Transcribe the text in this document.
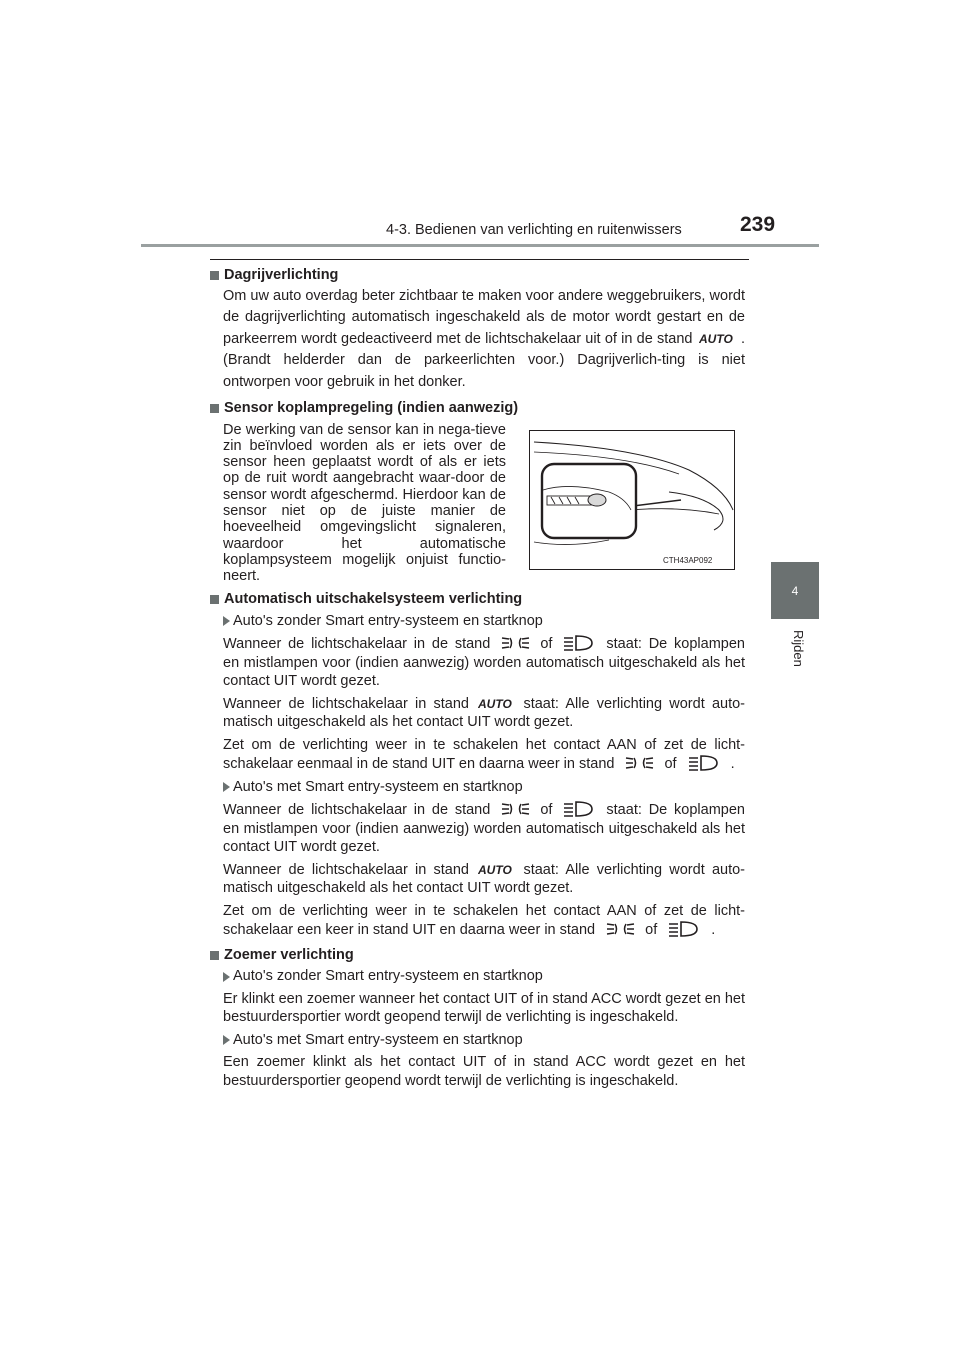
4-3. Bedienen van verlichting en ruitenwissers	239
4
Rijden
Dagrijverlichting
Om uw auto overdag beter zichtbaar te maken voor andere weggebruikers, wordt de dagrijverlichting automatisch ingeschakeld als de motor wordt gestart en de parkeerrem wordt gedeactiveerd met de lichtschakelaar uit of in de stand	. (Brandt helderder dan de parkeerlichten voor.) Dagrijverlich-ting is niet ontworpen voor gebruik in het donker.
Sensor koplampregeling (indien aanwezig)
De werking van de sensor kan in nega-tieve zin beïnvloed worden als er iets over de sensor heen geplaatst wordt of als er iets op de ruit wordt aangebracht waar-door de sensor wordt afgeschermd. Hierdoor kan de sensor niet op de juiste manier de hoeveelheid omgevingslicht signaleren, waardoor het automatische koplampsysteem mogelijk onjuist functio-neert.
CTH43AP092
Automatisch uitschakelsysteem verlichting
Auto's zonder Smart entry-systeem en startknop
Wanneer de lichtschakelaar in de stand	of	staat: De koplampen en mistlampen voor (indien aanwezig) worden automatisch uitgeschakeld als het contact UIT wordt gezet.
Wanneer de lichtschakelaar in stand	staat: Alle verlichting wordt auto-matisch uitgeschakeld als het contact UIT wordt gezet.
Zet om de verlichting weer in te schakelen het contact AAN of zet de licht-schakelaar eenmaal in de stand UIT en daarna weer in stand	of	.
Auto's met Smart entry-systeem en startknop
Wanneer de lichtschakelaar in de stand	of	staat: De koplampen en mistlampen voor (indien aanwezig) worden automatisch uitgeschakeld als het contact UIT wordt gezet.
Wanneer de lichtschakelaar in stand	staat: Alle verlichting wordt auto-matisch uitgeschakeld als het contact UIT wordt gezet.
Zet om de verlichting weer in te schakelen het contact AAN of zet de licht-schakelaar een keer in stand UIT en daarna weer in stand	of	.
Zoemer verlichting
Auto's zonder Smart entry-systeem en startknop
Er klinkt een zoemer wanneer het contact UIT of in stand ACC wordt gezet en het bestuurdersportier wordt geopend terwijl de verlichting is ingeschakeld.
Auto's met Smart entry-systeem en startknop
Een zoemer klinkt als het contact UIT of in stand ACC wordt gezet en het bestuurdersportier geopend wordt terwijl de verlichting is ingeschakeld.
